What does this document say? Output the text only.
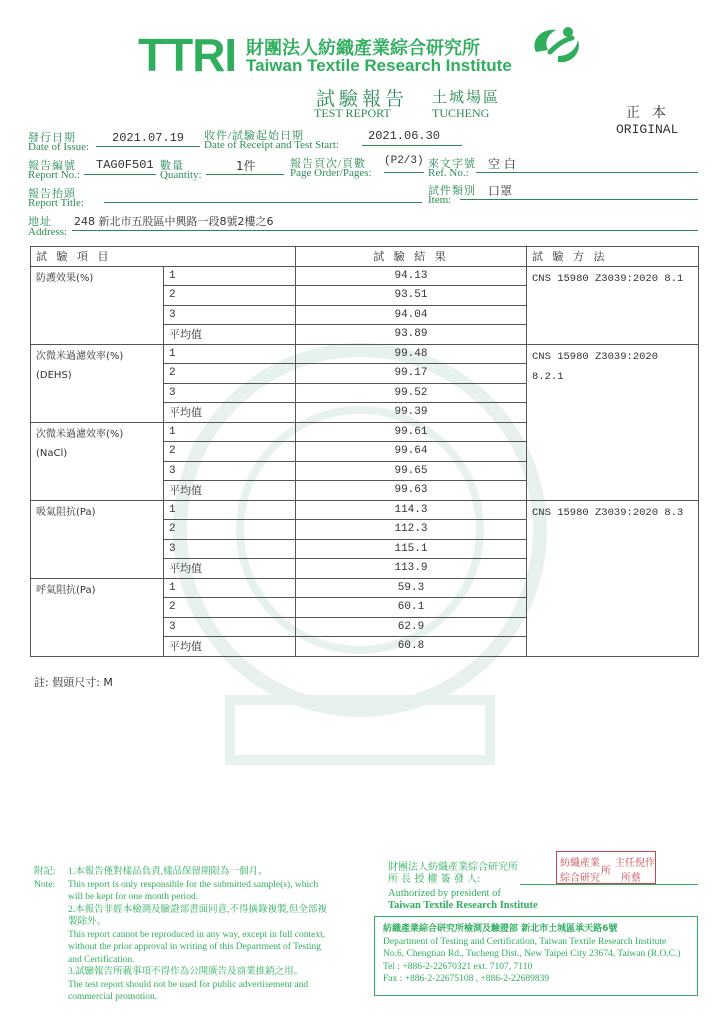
TTRI 財團法人紡織產業綜合研究所
Taiwan Textile Research Institute
試驗報告
TEST REPORT
土城場區
TUCHENG	正本
ORIGINAL
發行日期
Date of Issue:
2021.07.19 收件/試驗起始日期
Date of Receipt and Test Start:
2021.06.30
報告編號
Report No.:
TAG0F501 數量
Quantity:
1件	報告頁次/頁數
Page Order/Pages:
(P2/3) 來文字號
Ref. No.:
空 白
報告抬頭
Report Title:
試件類別
Item:
口罩
地址
Address:
248 新北市五股區中興路一段8號2樓之6
試 驗 項 目		試 驗 結 果	試 驗 方 法

防護效果(%)	1	94.13	CNS 15980 Z3039:2020 8.1
	2	93.51	
	3	94.04	
	平均值	93.89	

次微米過濾效率(%)
(DEHS)	1	99.48	CNS 15980 Z3039:2020 8.2.1
	2	99.17	
	3	99.52	
	平均值	99.39	

次微米過濾效率(%)
(NaCl)	1	99.61	
	2	99.64	
	3	99.65	
	平均值	99.63	

吸氣阻抗(Pa)	1	114.3	CNS 15980 Z3039:2020 8.3
	2	112.3	
	3	115.1	
	平均值	113.9	

呼氣阻抗(Pa)	1	59.3	
	2	60.1	
	3	62.9	
	平均值	60.8	
註: 假頭尺寸: M
附記:	1.本報告僅對樣品負責,樣品保留期限為一個月。
Note:	This report is only responsible for the submitted sample(s), which will be kept for one month period.
2.本報告非經本檢測及驗證部書面同意,不得摘錄複製,但全部複製除外。
This report cannot be reproduced in any way, except in full context, without the prior approval in writing of this Department of Testing and Certification.
3.試驗報告所載事項不得作為公開廣告及商業推銷之用。
The test report should not be used for public advertisement and commercial promotion.
財團法人紡織產業綜合研究所
所 長 授 權 簽 發 人:
Authorized by president of
Taiwan Textile Research Institute
紡織產業
綜合研究
所
主任 倪作
所蔡
紡織產業綜合研究所檢測及驗證部 新北市土城區承天路6號
Department of Testing and Certification, Taiwan Textile Research Institute
No.6, Chengtian Rd., Tucheng Dist., New Taipei City 23674, Taiwan (R.O.C.)
Tel : +886-2-22670321 ext. 7107, 7110
Fax : +886-2-22675108 , +886-2-22689839
